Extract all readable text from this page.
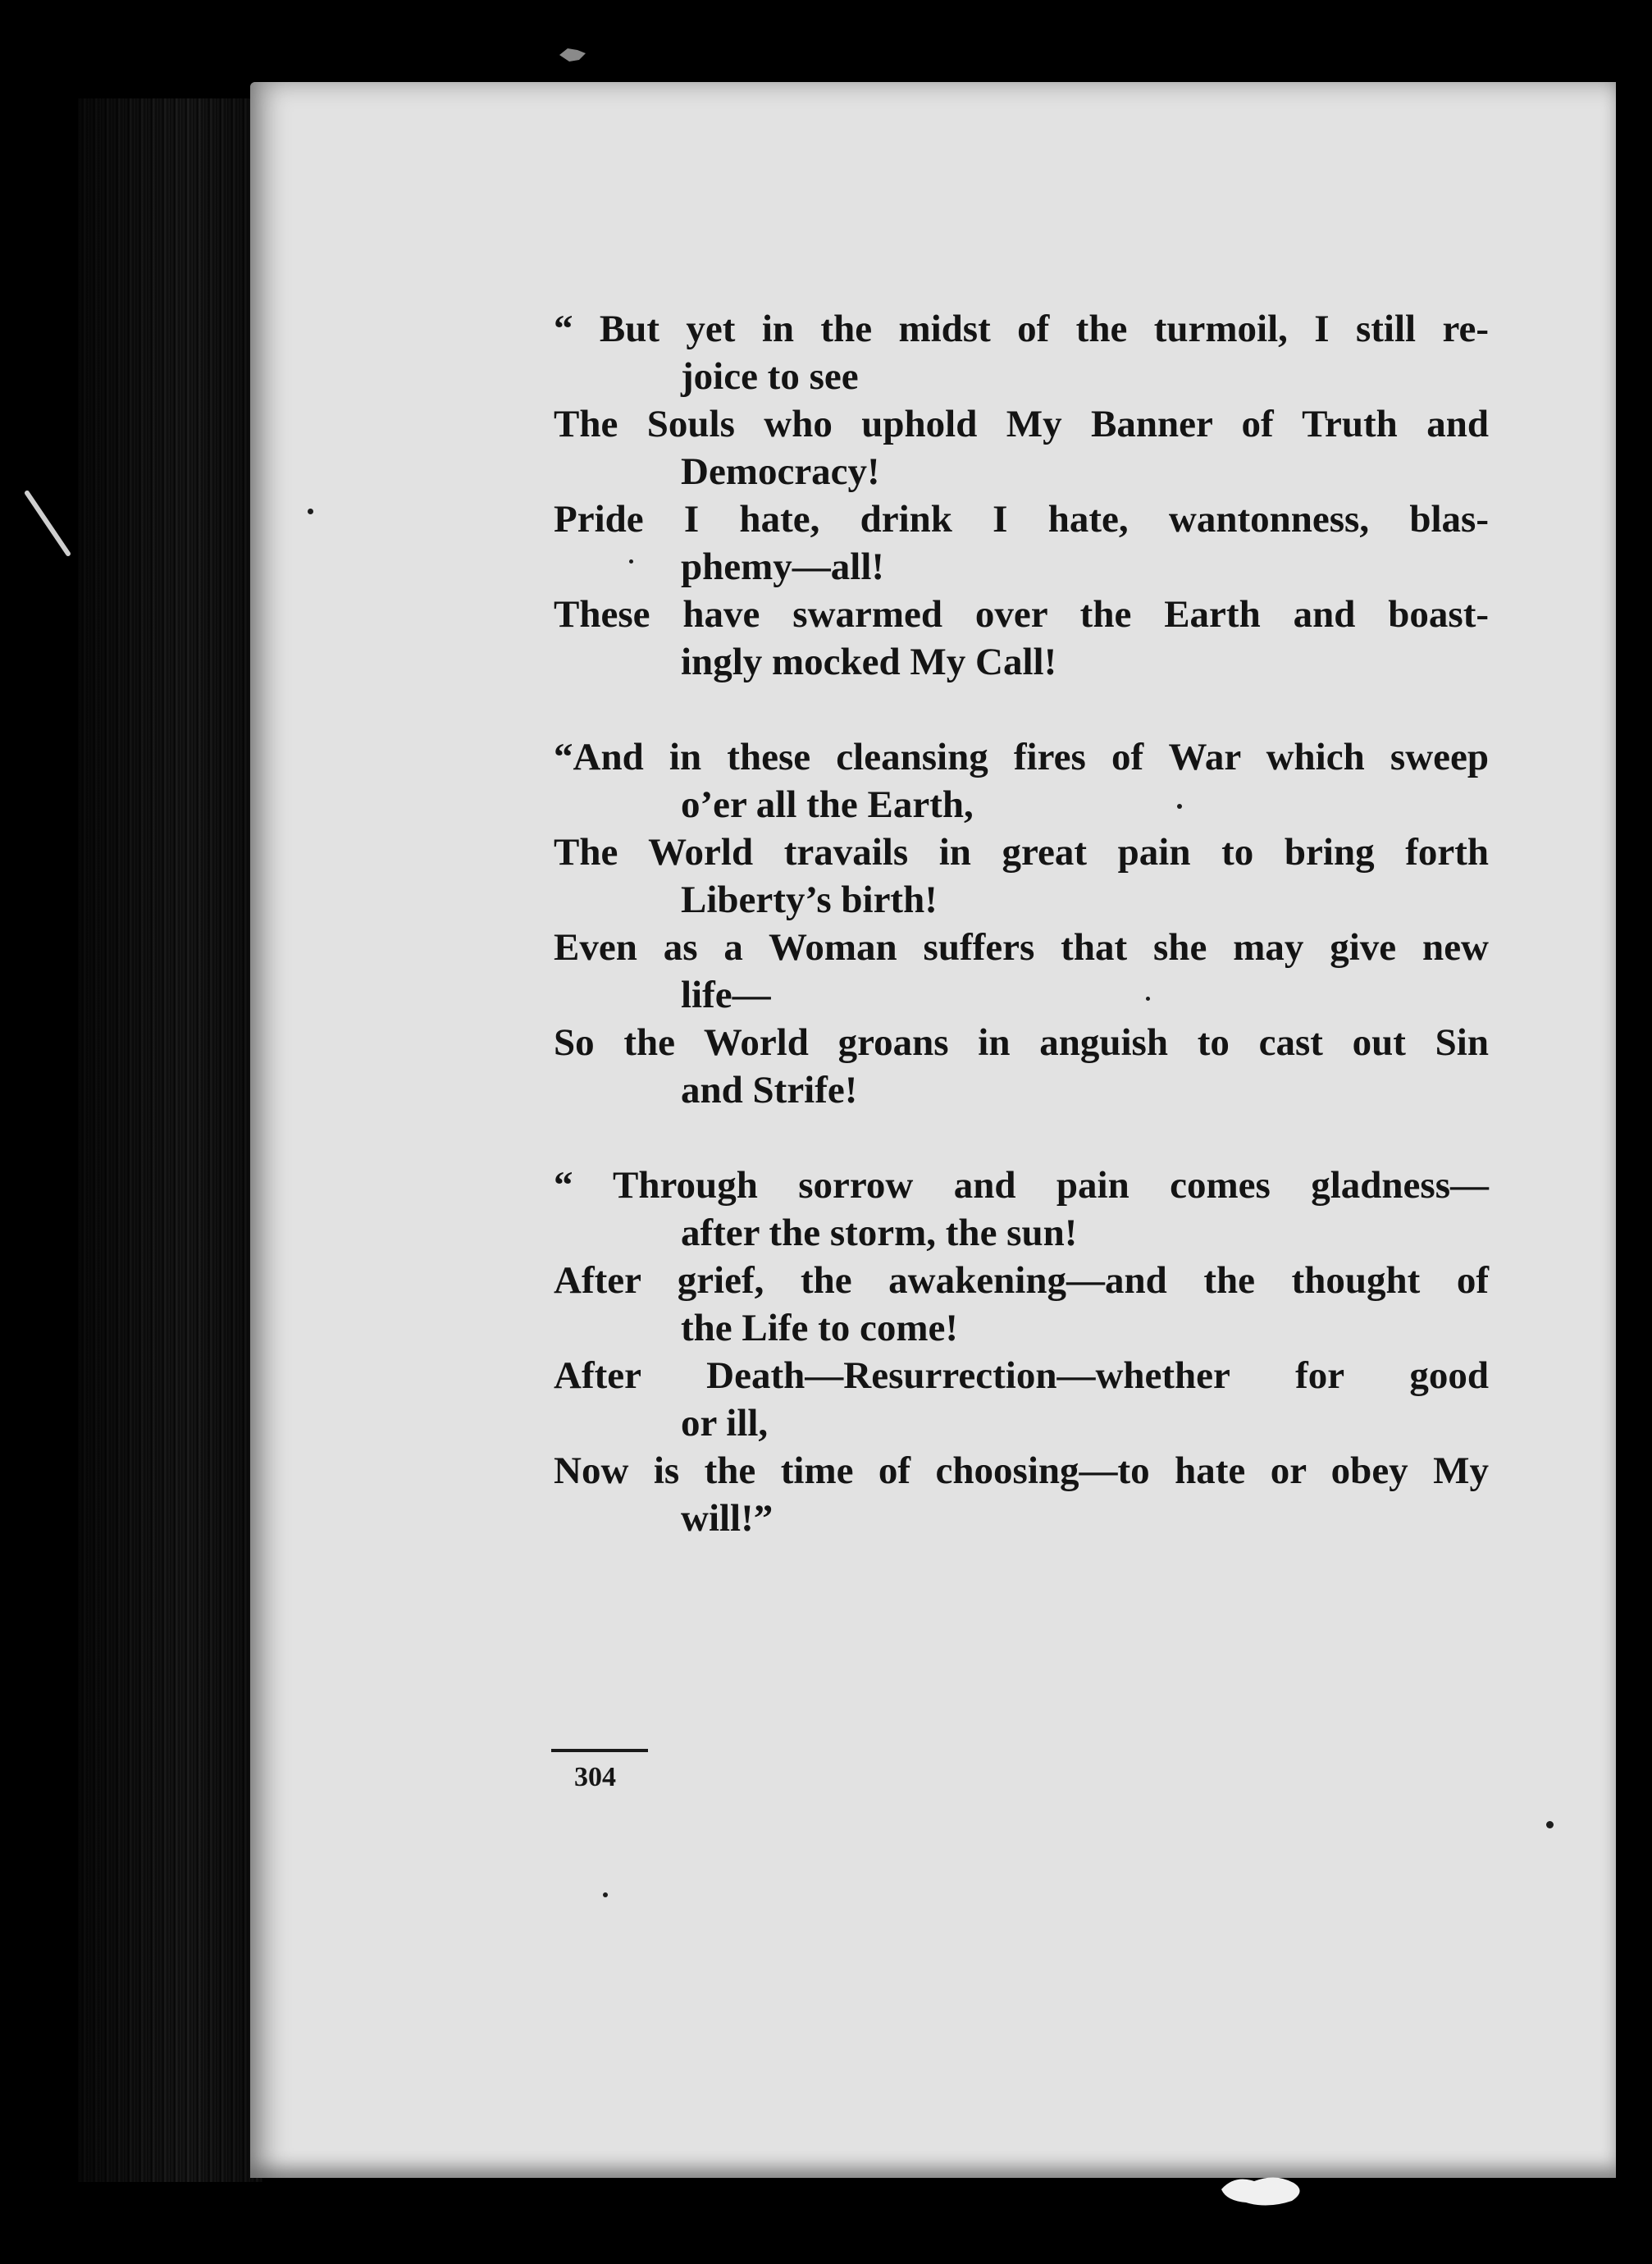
“ But yet in the midst of the turmoil, I still re-
joice to see
The Souls who uphold My Banner of Truth and
Democracy!
Pride I hate, drink I hate, wantonness, blas-
phemy—all!
These have swarmed over the Earth and boast-
ingly mocked My Call!
“And in these cleansing fires of War which sweep
o’er all the Earth,
The World travails in great pain to bring forth
Liberty’s birth!
Even as a Woman suffers that she may give new
life—
So the World groans in anguish to cast out Sin
and Strife!
“ Through sorrow and pain comes gladness—
after the storm, the sun!
After grief, the awakening—and the thought of
the Life to come!
After Death—Resurrection—whether for good
or ill,
Now is the time of choosing—to hate or obey My
will!”
304
